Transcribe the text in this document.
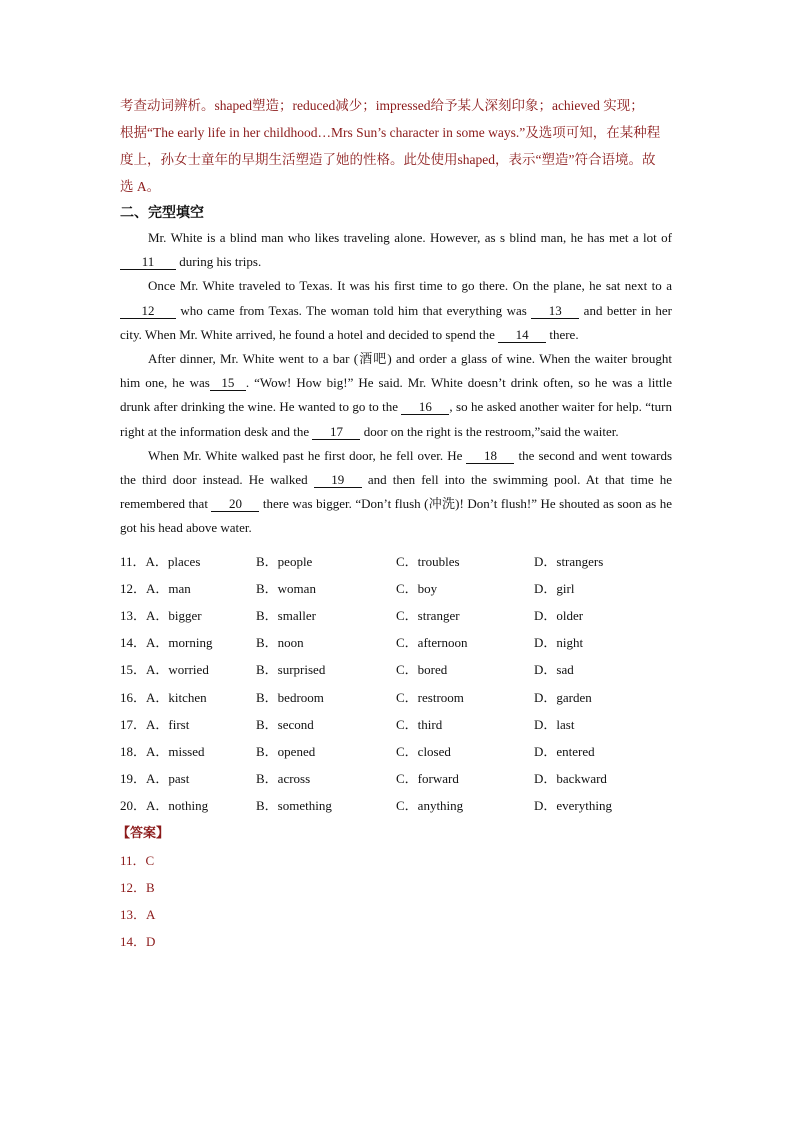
考查动词辨析。shaped塑造；reduced减少；impressed给予某人深刻印象；achieved 实现；

根据“The early life in her childhood…Mrs Sun’s character in some ways.”及选项可知，在某种程

度上，孙女士童年的早期生活塑造了她的性格。此处使用shaped，表示“塑造”符合语境。故

选 A。

二、完型填空

Mr. White is a blind man who likes traveling alone. However, as s blind man, he has met a lot of 11 during his trips.

Once Mr. White traveled to Texas. It was his first time to go there. On the plane, he sat next to a 12 who came from Texas. The woman told him that everything was 13 and better in her city. When Mr. White arrived, he found a hotel and decided to spend the 14 there.

After dinner, Mr. White went to a bar (酒吧) and order a glass of wine. When the waiter brought him one, he was 15 . “Wow! How big!” He said. Mr. White doesn’t drink often, so he was a little drunk after drinking the wine. He wanted to go to the 16 , so he asked another waiter for help. “turn right at the information desk and the 17 door on the right is the restroom,”said the waiter.

When Mr. White walked past he first door, he fell over. He 18 the second and went towards the third door instead. He walked 19 and then fell into the swimming pool. At that time he remembered that 20 there was bigger. “Don’t flush (冲洗)! Don’t flush!” He shouted as soon as he got his head above water.

11．A．places	B．people	C．troubles	D．strangers
12．A．man	B．woman	C．boy	D．girl
13．A．bigger	B．smaller	C．stranger	D．older
14．A．morning	B．noon	C．afternoon	D．night
15．A．worried	B．surprised	C．bored	D．sad
16．A．kitchen	B．bedroom	C．restroom	D．garden
17．A．first	B．second	C．third	D．last
18．A．missed	B．opened	C．closed	D．entered
19．A．past	B．across	C．forward	D．backward
20．A．nothing	B．something	C．anything	D．everything
【答案】
11．C
12．B
13．A
14．D
